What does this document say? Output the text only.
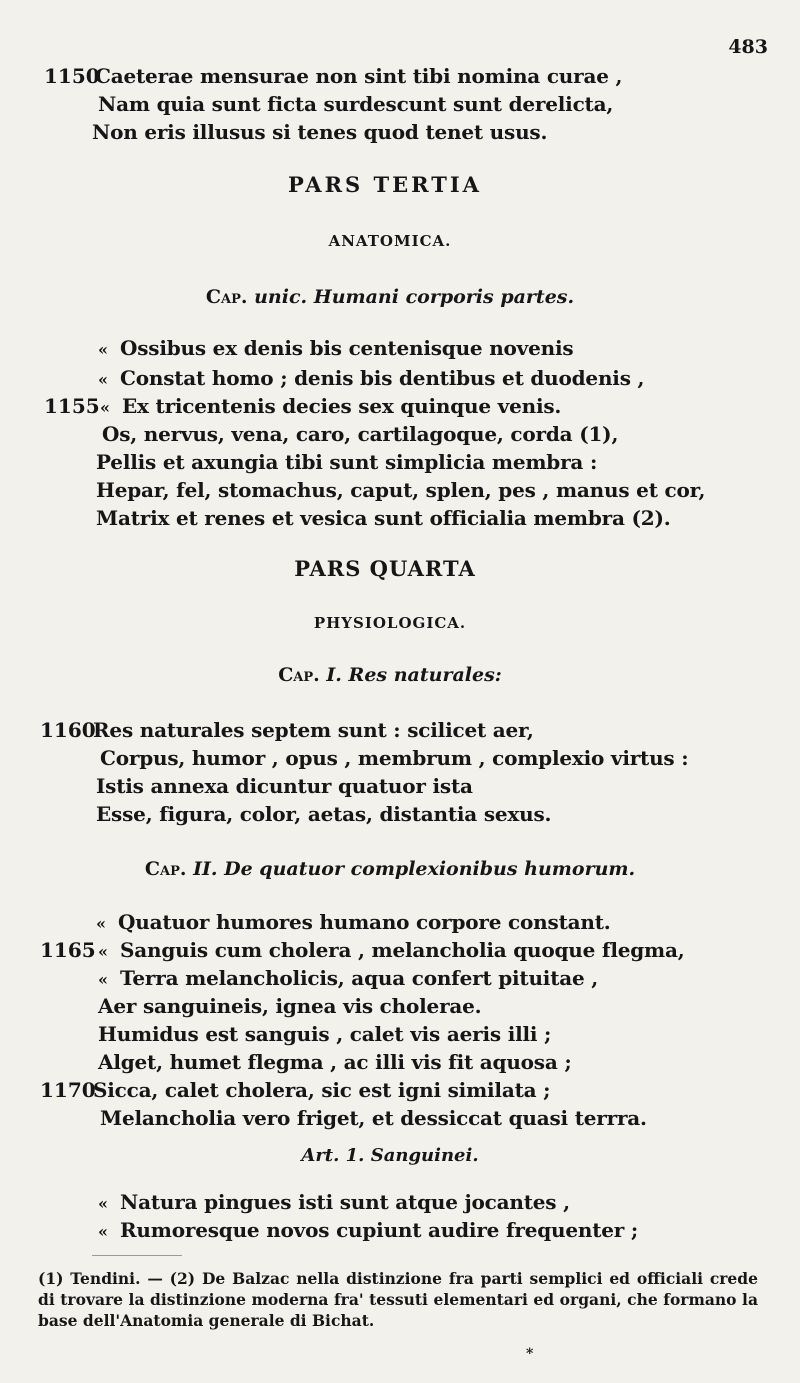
483
1150
Caeterae mensurae non sint tibi nomina curae ,
Nam quia sunt ficta surdescunt sunt derelicta,
Non eris illusus si tenes quod tenet usus.
PARS TERTIA
ANATOMICA.
Cap. unic. Humani corporis partes.
« Ossibus ex denis bis centenisque novenis
« Constat homo ; denis bis dentibus et duodenis ,
1155 « Ex tricentenis decies sex quinque venis.
Os, nervus, vena, caro, cartilagoque, corda (1),
Pellis et axungia tibi sunt simplicia membra :
Hepar, fel, stomachus, caput, splen, pes , manus et cor,
Matrix et renes et vesica sunt officialia membra (2).
PARS QUARTA
PHYSIOLOGICA.
Cap. I. Res naturales:
1160
Res naturales septem sunt : scilicet aer,
Corpus, humor , opus , membrum , complexio virtus :
Istis annexa dicuntur quatuor ista
Esse, figura, color, aetas, distantia sexus.
Cap. II. De quatuor complexionibus humorum.
« Quatuor humores humano corpore constant.
1165 « Sanguis cum cholera , melancholia quoque flegma,
« Terra melancholicis, aqua confert pituitae ,
Aer sanguineis, ignea vis cholerae.
Humidus est sanguis , calet vis aeris illi ;
Alget, humet flegma , ac illi vis fit aquosa ;
1170
Sicca, calet cholera, sic est igni similata ;
Melancholia vero friget, et dessiccat quasi terrra.
Art. 1. Sanguinei.
« Natura pingues isti sunt atque jocantes ,
« Rumoresque novos cupiunt audire frequenter ;
(1) Tendini. — (2) De Balzac nella distinzione fra parti semplici ed officiali crede di trovare la distinzione moderna fra' tessuti elementari ed organi, che formano la base dell'Anatomia generale di Bichat.
*
